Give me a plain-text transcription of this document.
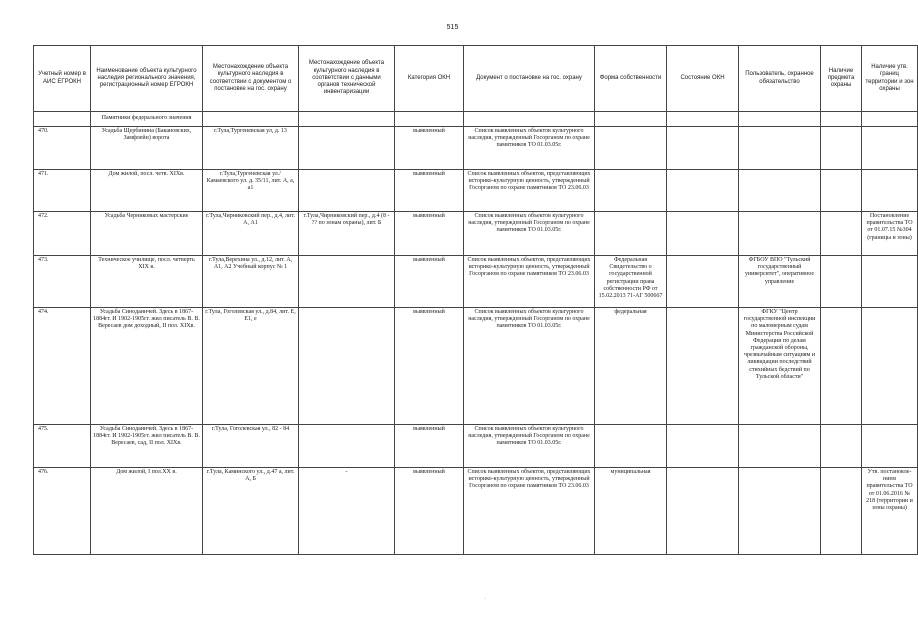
515
Учетный номер в АИС ЕГРОКН	Наименование объекта культурного наследия регионального значения, регистрационный номер ЕГРОКН	Местонахождение объекта культурного наследия в соответствии с документом о постановке на гос. охрану	Местонахождение объекта культурного наследия в соответствии с данными органов технической инвентаризации	Категория ОКН	Документ о постановке на гос. охрану	Форма собственности	Состояние ОКН	Пользователь, охранное обязательство	Наличие предмета охраны	Наличие утв. границ территории и зон охраны
	Памятники федерального значения									
470.	Усадьба Щербинина (Бакановских, Замфлейн) ворота	г.Тула,Тургеневская ул, д. 13		выявленный	Список выявленных объектов культурного наследия, утвержденный Госорганом по охране памятников ТО 01.03.05г.					
471.	Дом жилой, посл. четв. XIXв.	г.Тула,Тургеневская ул./Камаевского ул. д. 35/11, лит. А, а, а1		выявленный	Список выявленных объектов, представляющих историко-культурную ценность, утвержденный Госорганом по охране памятников ТО 23.06.03					
472.	Усадьба Черниковых мастерские	г.Тула,Чирниковский пер., д.4, лит. А, А1	г.Тула,Чирниковский пер., д.4 (8 - ?? по зонам охраны), лит. Б	выявленный	Список выявленных объектов культурного наследия, утвержденный Госорганом по охране памятников ТО 01.03.05г.					Постановление правительства ТО от 01.07.15 №304 (границы и зоны)
473.	Техническое училище, посл. четверть XIX в.	г.Тула,Верехина ул., д.12, лит. А, А1, А2 Учебный корпус № 1		выявленный	Список выявленных объектов, представляющих историко-культурную ценность, утвержденный Госорганом по охране памятников ТО 23.06.03	Федеральная Свидетельство о государственной регистрации права собственности РФ от 15.02.2013 71-АГ 500667		ФГБОУ ВПО "Тульский государственный университет", оперативное управление		
474.	Усадьба Синодаинчей. Здесь в 1867-1884гг. И 1902-1905гг. жил писатель В. В. Вересаев дом доходный, II пол. XIXв.	г.Тула, Гоголевская ул., д.84, лит. Е, Е1, е		выявленный	Список выявленных объектов культурного наследия, утвержденный Госорганом по охране памятников ТО 01.03.05г.	федеральная		ФГКУ "Центр государственной инспекции по маломерным судам Министерства Российской Федерации по делам гражданской обороны, чрезвычайным ситуациям и ликвидации последствий стихийных бедствий по Тульской области"		
475.	Усадьба Синодаинчей. Здесь в 1867-1884гг. И 1902-1905гг. жил писатель В. В. Вересаев, сад, II пол. XIXв.	г.Тула, Гоголевская ул., 82 - 84		выявленный	Список выявленных объектов культурного наследия, утвержденный Госорганом по охране памятников ТО 01.03.05г.					
476.	Дом жилой, I пол.XX в.	г.Тула, Каминского ул., д.47 а, лит. А, Б	-	выявленный	Список выявленных объектов, представляющих историко-культурную ценность, утвержденный Госорганом по охране памятников ТО 23.06.03	муниципальная				Утв. постановле-нием правительства ТО от 01.06.2016 № 218 (территории и зоны охраны)
·
